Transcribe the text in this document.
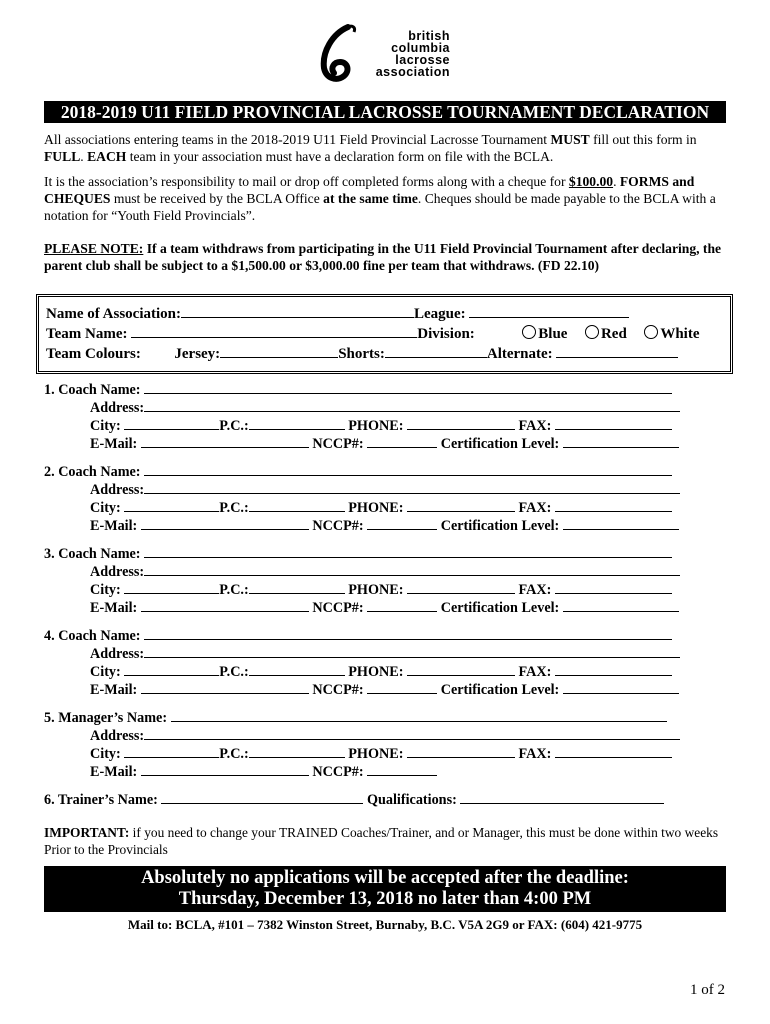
british
columbia
lacrosse
association
2018-2019 U11 FIELD PROVINCIAL LACROSSE TOURNAMENT DECLARATION
All associations entering teams in the 2018-2019 U11 Field Provincial Lacrosse Tournament MUST fill out this form in FULL. EACH team in your association must have a declaration form on file with the BCLA.
It is the association’s responsibility to mail or drop off completed forms along with a cheque for $100.00. FORMS and CHEQUES must be received by the BCLA Office at the same time. Cheques should be made payable to the BCLA with a notation for “Youth Field Provincials”.
PLEASE NOTE: If a team withdraws from participating in the U11 Field Provincial Tournament after declaring, the parent club shall be subject to a $1,500.00 or $3,000.00 fine per team that withdraws. (FD 22.10)
Name of Association:	League:
Team Name:	Division:	Blue Red White
Team Colours: Jersey:	Shorts:	Alternate:
1. Coach Name:
Address:
City:	P.C.:	PHONE:	FAX:
E-Mail:	NCCP#:	Certification Level:
2. Coach Name:
Address:
City:	P.C.:	PHONE:	FAX:
E-Mail:	NCCP#:	Certification Level:
3. Coach Name:
Address:
City:	P.C.:	PHONE:	FAX:
E-Mail:	NCCP#:	Certification Level:
4. Coach Name:
Address:
City:	P.C.:	PHONE:	FAX:
E-Mail:	NCCP#:	Certification Level:
5. Manager’s Name:
Address:
City:	P.C.:	PHONE:	FAX:
E-Mail:	NCCP#:
6. Trainer’s Name:	Qualifications:
IMPORTANT: if you need to change your TRAINED Coaches/Trainer, and or Manager, this must be done within two weeks Prior to the Provincials
Absolutely no applications will be accepted after the deadline:
Thursday, December 13, 2018 no later than 4:00 PM
Mail to: BCLA, #101 – 7382 Winston Street, Burnaby, B.C. V5A 2G9 or FAX: (604) 421-9775
1 of 2
